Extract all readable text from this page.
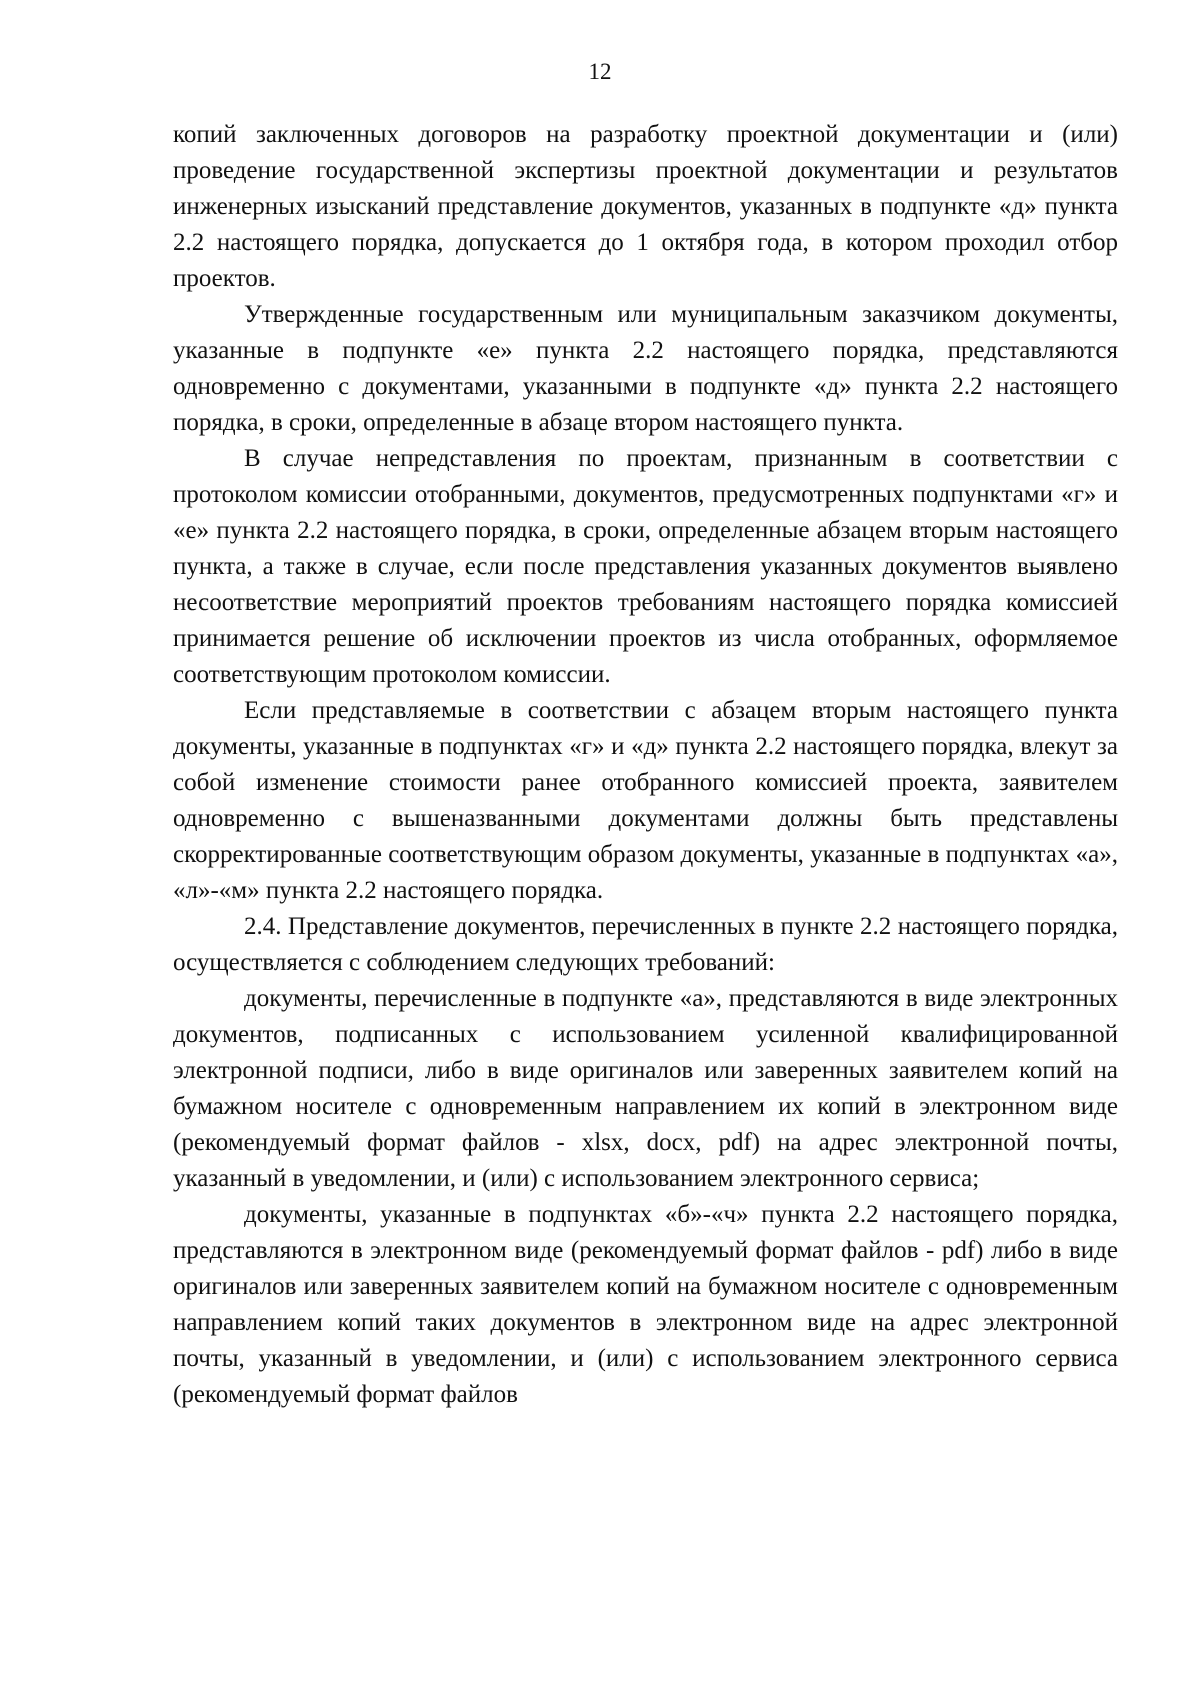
12

копий заключенных договоров на разработку проектной документации и (или) проведение государственной экспертизы проектной документации и результатов инженерных изысканий представление документов, указанных в подпункте «д» пункта 2.2 настоящего порядка, допускается до 1 октября года, в котором проходил отбор проектов.

Утвержденные государственным или муниципальным заказчиком документы, указанные в подпункте «е» пункта 2.2 настоящего порядка, представляются одновременно с документами, указанными в подпункте «д» пункта 2.2 настоящего порядка, в сроки, определенные в абзаце втором настоящего пункта.

В случае непредставления по проектам, признанным в соответствии с протоколом комиссии отобранными, документов, предусмотренных подпунктами «г» и «е» пункта 2.2 настоящего порядка, в сроки, определенные абзацем вторым настоящего пункта, а также в случае, если после представления указанных документов выявлено несоответствие мероприятий проектов требованиям настоящего порядка комиссией принимается решение об исключении проектов из числа отобранных, оформляемое соответствующим протоколом комиссии.

Если представляемые в соответствии с абзацем вторым настоящего пункта документы, указанные в подпунктах «г» и «д» пункта 2.2 настоящего порядка, влекут за собой изменение стоимости ранее отобранного комиссией проекта, заявителем одновременно с вышеназванными документами должны быть представлены скорректированные соответствующим образом документы, указанные в подпунктах «а», «л»-«м» пункта 2.2 настоящего порядка.

2.4. Представление документов, перечисленных в пункте 2.2 настоящего порядка, осуществляется с соблюдением следующих требований:

документы, перечисленные в подпункте «а», представляются в виде электронных документов, подписанных с использованием усиленной квалифицированной электронной подписи, либо в виде оригиналов или заверенных заявителем копий на бумажном носителе с одновременным направлением их копий в электронном виде (рекомендуемый формат файлов - xlsx, docx, pdf) на адрес электронной почты, указанный в уведомлении, и (или) с использованием электронного сервиса;

документы, указанные в подпунктах «б»-«ч» пункта 2.2 настоящего порядка, представляются в электронном виде (рекомендуемый формат файлов - pdf) либо в виде оригиналов или заверенных заявителем копий на бумажном носителе с одновременным направлением копий таких документов в электронном виде на адрес электронной почты, указанный в уведомлении, и (или) с использованием электронного сервиса (рекомендуемый формат файлов
